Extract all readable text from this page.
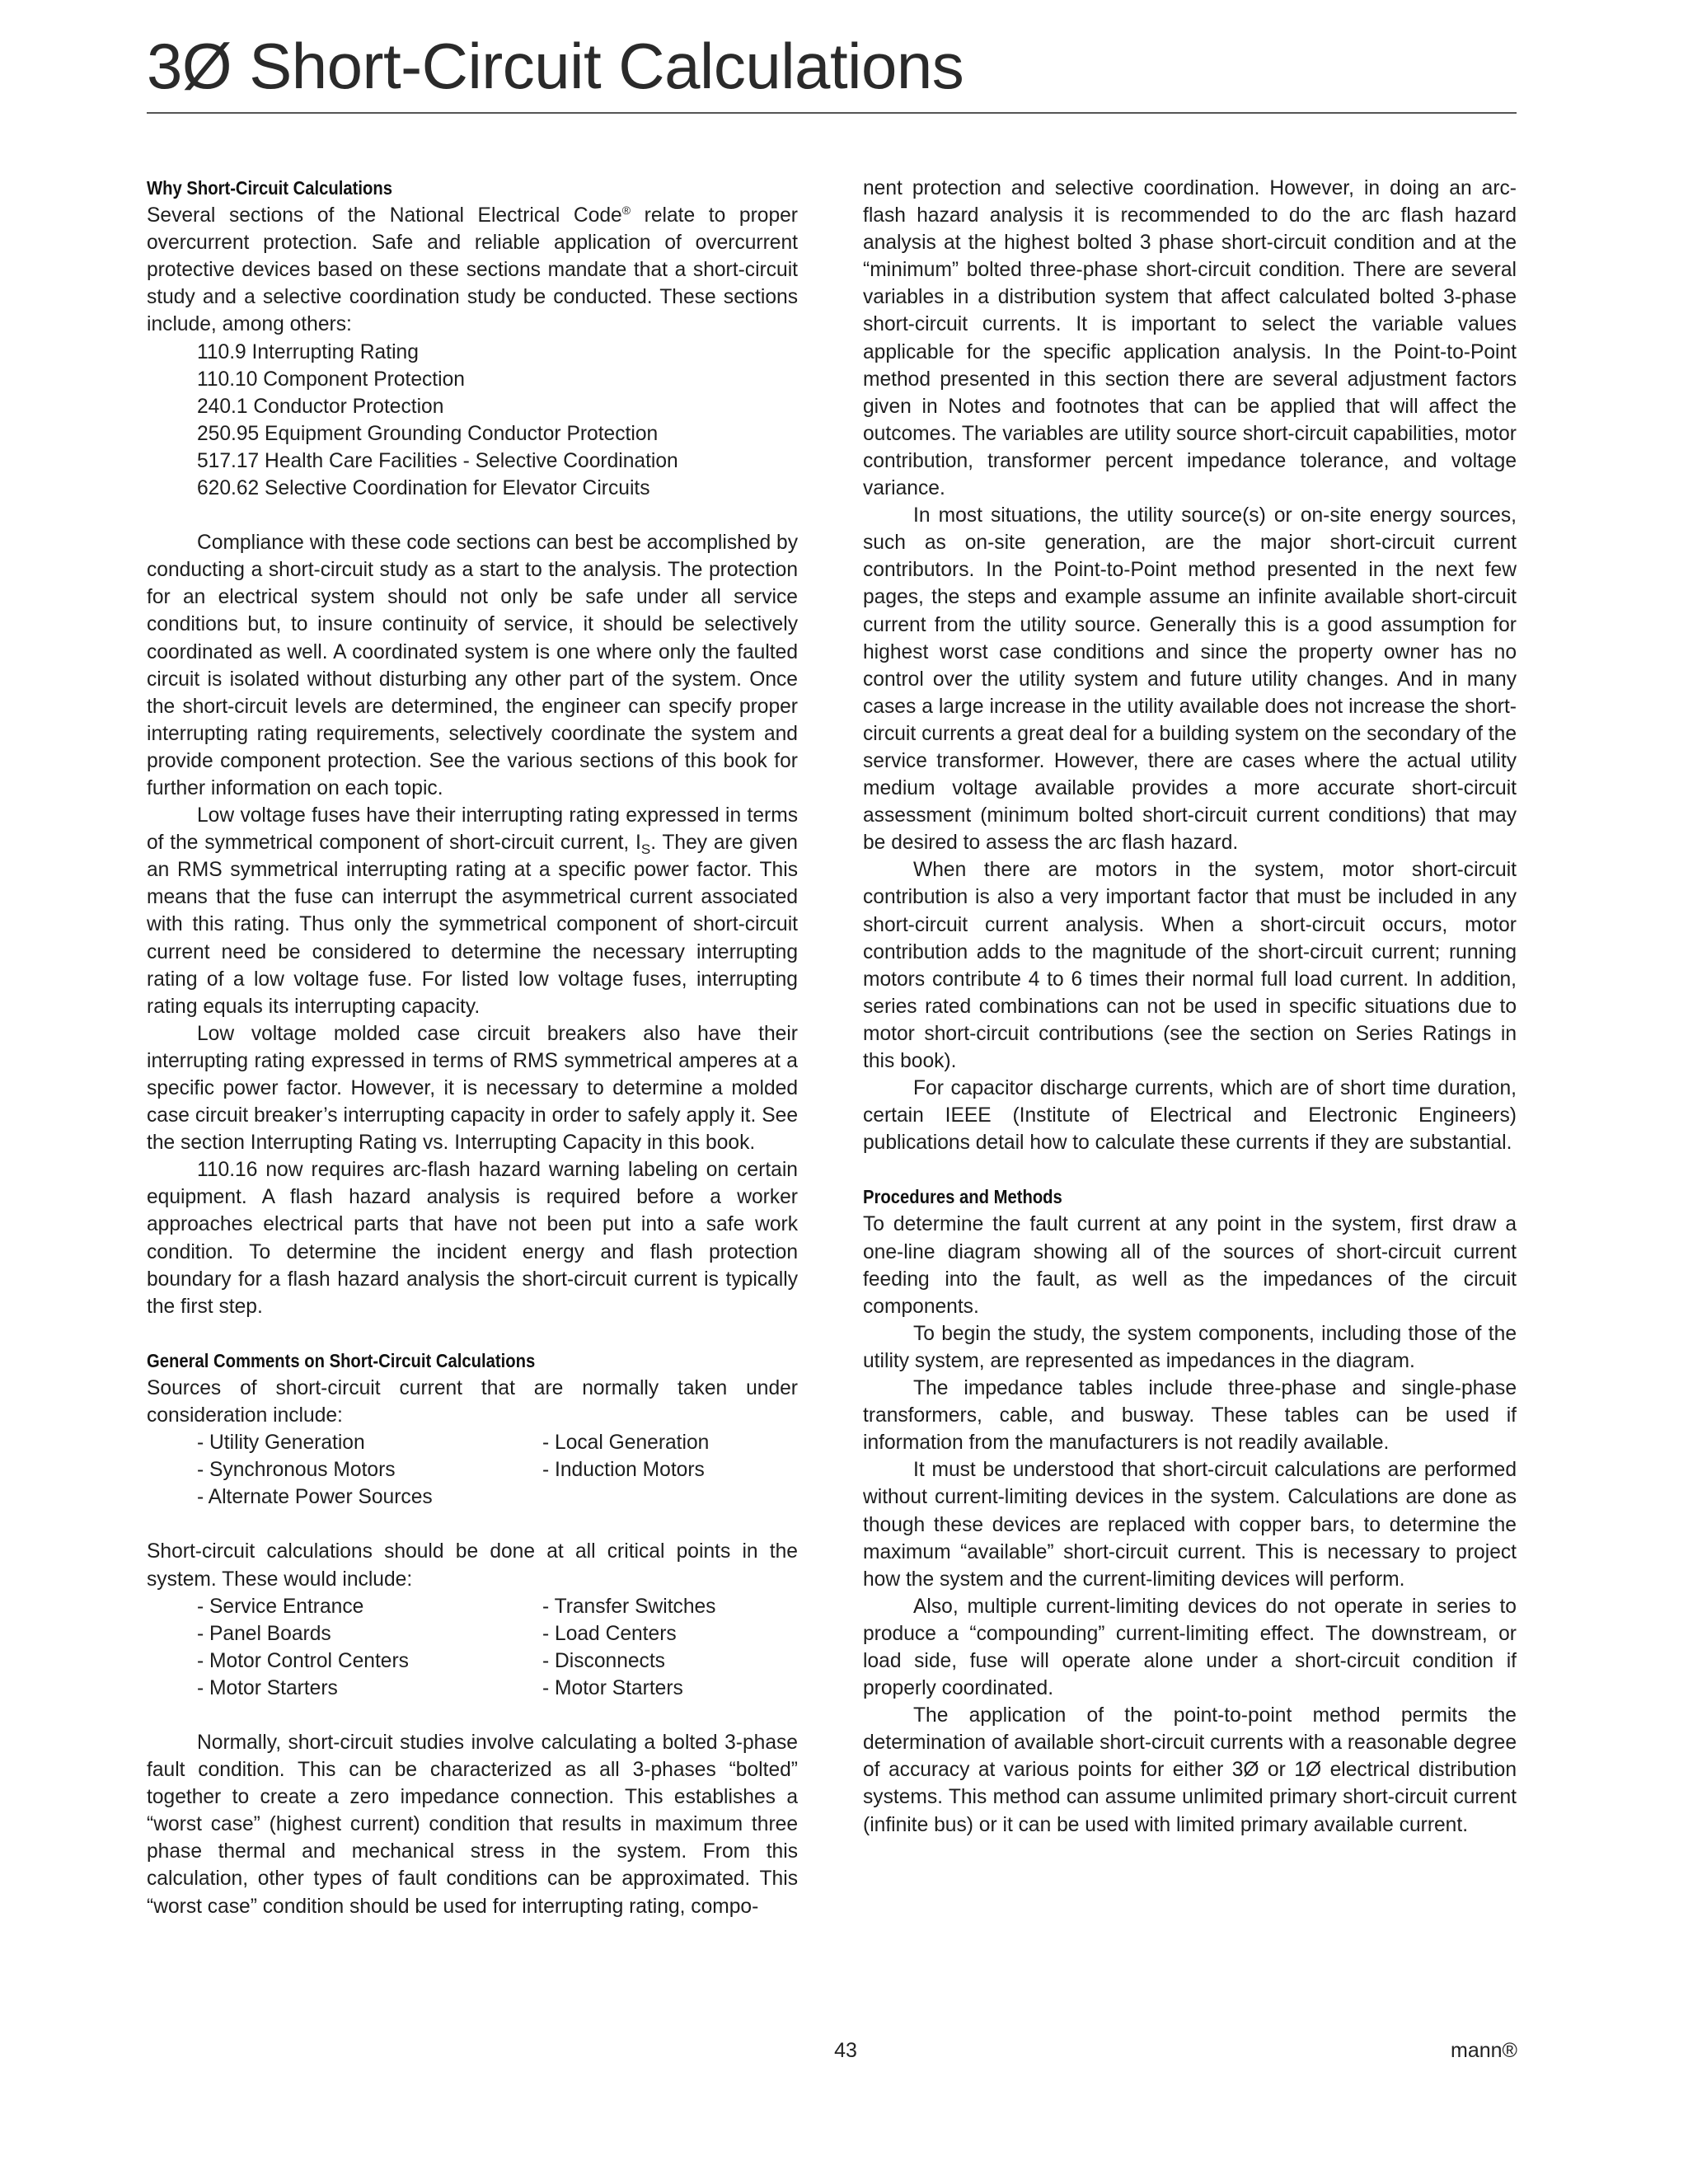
3Ø Short-Circuit Calculations
Why Short-Circuit Calculations

Several sections of the National Electrical Code® relate to proper overcurrent protection. Safe and reliable application of overcurrent protective devices based on these sections mandate that a short-circuit study and a selective coordination study be conducted. These sections include, among others:

110.9 Interrupting Rating
110.10 Component Protection
240.1 Conductor Protection
250.95 Equipment Grounding Conductor Protection
517.17 Health Care Facilities - Selective Coordination
620.62 Selective Coordination for Elevator Circuits

Compliance with these code sections can best be accomplished by conducting a short-circuit study as a start to the analysis. The protection for an electrical system should not only be safe under all service conditions but, to insure continuity of service, it should be selectively coordinated as well. A coordinated system is one where only the faulted circuit is isolated without disturbing any other part of the system. Once the short-circuit levels are determined, the engineer can specify proper interrupting rating requirements, selectively coordinate the system and provide component protection. See the various sections of this book for further information on each topic.

Low voltage fuses have their interrupting rating expressed in terms of the symmetrical component of short-circuit current, $I_S$. They are given an RMS symmetrical interrupting rating at a specific power factor. This means that the fuse can interrupt the asymmetrical current associated with this rating. Thus only the symmetrical component of short-circuit current need be considered to determine the necessary interrupting rating of a low voltage fuse. For listed low voltage fuses, interrupting rating equals its interrupting capacity.

Low voltage molded case circuit breakers also have their interrupting rating expressed in terms of RMS symmetrical amperes at a specific power factor. However, it is necessary to determine a molded case circuit breaker’s interrupting capacity in order to safely apply it. See the section Interrupting Rating vs. Interrupting Capacity in this book.

110.16 now requires arc-flash hazard warning labeling on certain equipment. A flash hazard analysis is required before a worker approaches electrical parts that have not been put into a safe work condition. To determine the incident energy and flash protection boundary for a flash hazard analysis the short-circuit current is typically the first step.

General Comments on Short-Circuit Calculations

Sources of short-circuit current that are normally taken under consideration include:

- Utility Generation	- Local Generation
- Synchronous Motors	- Induction Motors
- Alternate Power Sources

Short-circuit calculations should be done at all critical points in the system. These would include:

- Service Entrance	- Transfer Switches
- Panel Boards	- Load Centers
- Motor Control Centers	- Disconnects
- Motor Starters	- Motor Starters

Normally, short-circuit studies involve calculating a bolted 3-phase fault condition. This can be characterized as all 3-phases “bolted” together to create a zero impedance connection. This establishes a “worst case” (highest current) condition that results in maximum three phase thermal and mechanical stress in the system. From this calculation, other types of fault conditions can be approximated. This “worst case” condition should be used for interrupting rating, compo-

nent protection and selective coordination. However, in doing an arc-flash hazard analysis it is recommended to do the arc flash hazard analysis at the highest bolted 3 phase short-circuit condition and at the “minimum” bolted three-phase short-circuit condition. There are several variables in a distribution system that affect calculated bolted 3-phase short-circuit currents. It is important to select the variable values applicable for the specific application analysis. In the Point-to-Point method presented in this section there are several adjustment factors given in Notes and footnotes that can be applied that will affect the outcomes. The variables are utility source short-circuit capabilities, motor contribution, transformer percent impedance tolerance, and voltage variance.

In most situations, the utility source(s) or on-site energy sources, such as on-site generation, are the major short-circuit current contributors. In the Point-to-Point method presented in the next few pages, the steps and example assume an infinite available short-circuit current from the utility source. Generally this is a good assumption for highest worst case conditions and since the property owner has no control over the utility system and future utility changes. And in many cases a large increase in the utility available does not increase the short-circuit currents a great deal for a building system on the secondary of the service transformer. However, there are cases where the actual utility medium voltage available provides a more accurate short-circuit assessment (minimum bolted short-circuit current conditions) that may be desired to assess the arc flash hazard.

When there are motors in the system, motor short-circuit contribution is also a very important factor that must be included in any short-circuit current analysis. When a short-circuit occurs, motor contribution adds to the magnitude of the short-circuit current; running motors contribute 4 to 6 times their normal full load current. In addition, series rated combinations can not be used in specific situations due to motor short-circuit contributions (see the section on Series Ratings in this book).

For capacitor discharge currents, which are of short time duration, certain IEEE (Institute of Electrical and Electronic Engineers) publications detail how to calculate these currents if they are substantial.

Procedures and Methods

To determine the fault current at any point in the system, first draw a one-line diagram showing all of the sources of short-circuit current feeding into the fault, as well as the impedances of the circuit components.

To begin the study, the system components, including those of the utility system, are represented as impedances in the diagram.

The impedance tables include three-phase and single-phase transformers, cable, and busway. These tables can be used if information from the manufacturers is not readily available.

It must be understood that short-circuit calculations are performed without current-limiting devices in the system. Calculations are done as though these devices are replaced with copper bars, to determine the maximum “available” short-circuit current. This is necessary to project how the system and the current-limiting devices will perform.

Also, multiple current-limiting devices do not operate in series to produce a “compounding” current-limiting effect. The downstream, or load side, fuse will operate alone under a short-circuit condition if properly coordinated.

The application of the point-to-point method permits the determination of available short-circuit currents with a reasonable degree of accuracy at various points for either 3Ø or 1Ø electrical distribution systems. This method can assume unlimited primary short-circuit current (infinite bus) or it can be used with limited primary available current.

43	mann®
